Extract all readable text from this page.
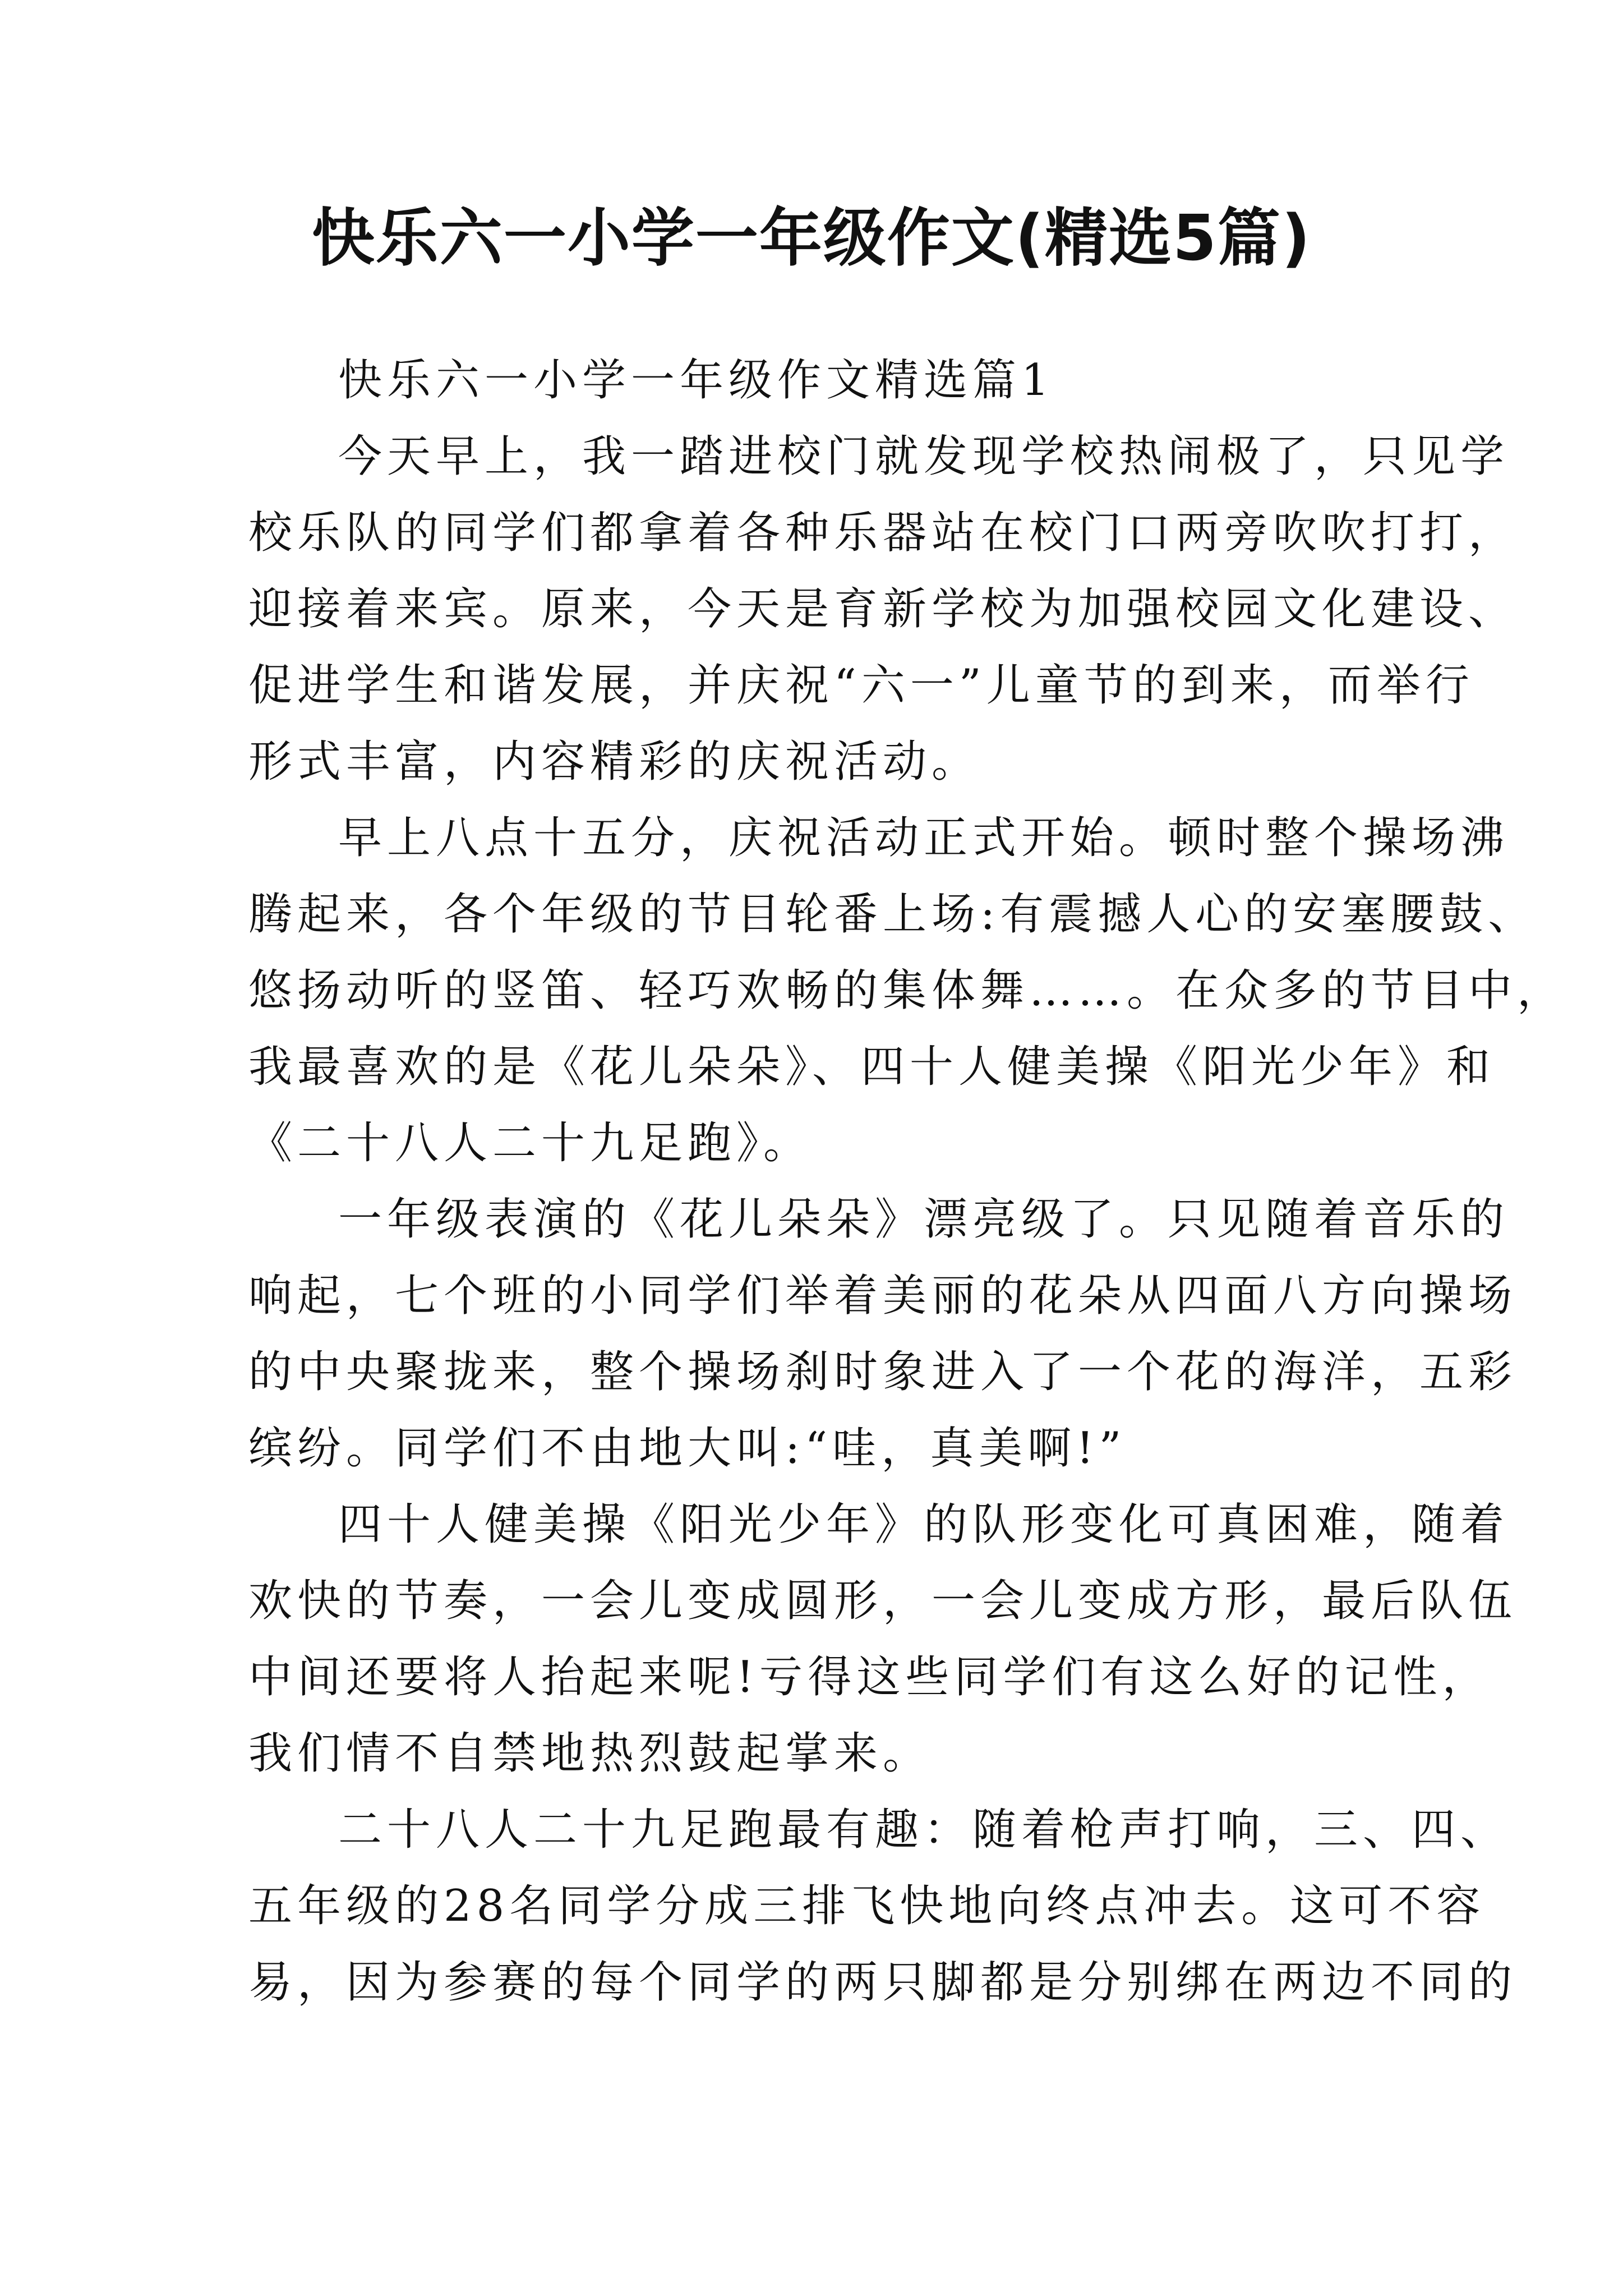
快乐六一小学一年级作文(精选5篇)
快乐六一小学一年级作文精选篇1
今天早上，我一踏进校门就发现学校热闹极了，只见学
校乐队的同学们都拿着各种乐器站在校门口两旁吹吹打打，
迎接着来宾。原来，今天是育新学校为加强校园文化建设、
促进学生和谐发展，并庆祝“六一”儿童节的到来，而举行
形式丰富，内容精彩的庆祝活动。
早上八点十五分，庆祝活动正式开始。顿时整个操场沸
腾起来，各个年级的节目轮番上场:有震撼人心的安塞腰鼓、
悠扬动听的竖笛、轻巧欢畅的集体舞……。在众多的节目中，
我最喜欢的是《花儿朵朵》、四十人健美操《阳光少年》和
《二十八人二十九足跑》。
一年级表演的《花儿朵朵》漂亮级了。只见随着音乐的
响起，七个班的小同学们举着美丽的花朵从四面八方向操场
的中央聚拢来，整个操场刹时象进入了一个花的海洋，五彩
缤纷。同学们不由地大叫:“哇，真美啊!”
四十人健美操《阳光少年》的队形变化可真困难，随着
欢快的节奏，一会儿变成圆形，一会儿变成方形，最后队伍
中间还要将人抬起来呢!亏得这些同学们有这么好的记性，
我们情不自禁地热烈鼓起掌来。
二十八人二十九足跑最有趣：随着枪声打响，三、四、
五年级的28名同学分成三排飞快地向终点冲去。这可不容
易，因为参赛的每个同学的两只脚都是分别绑在两边不同的
